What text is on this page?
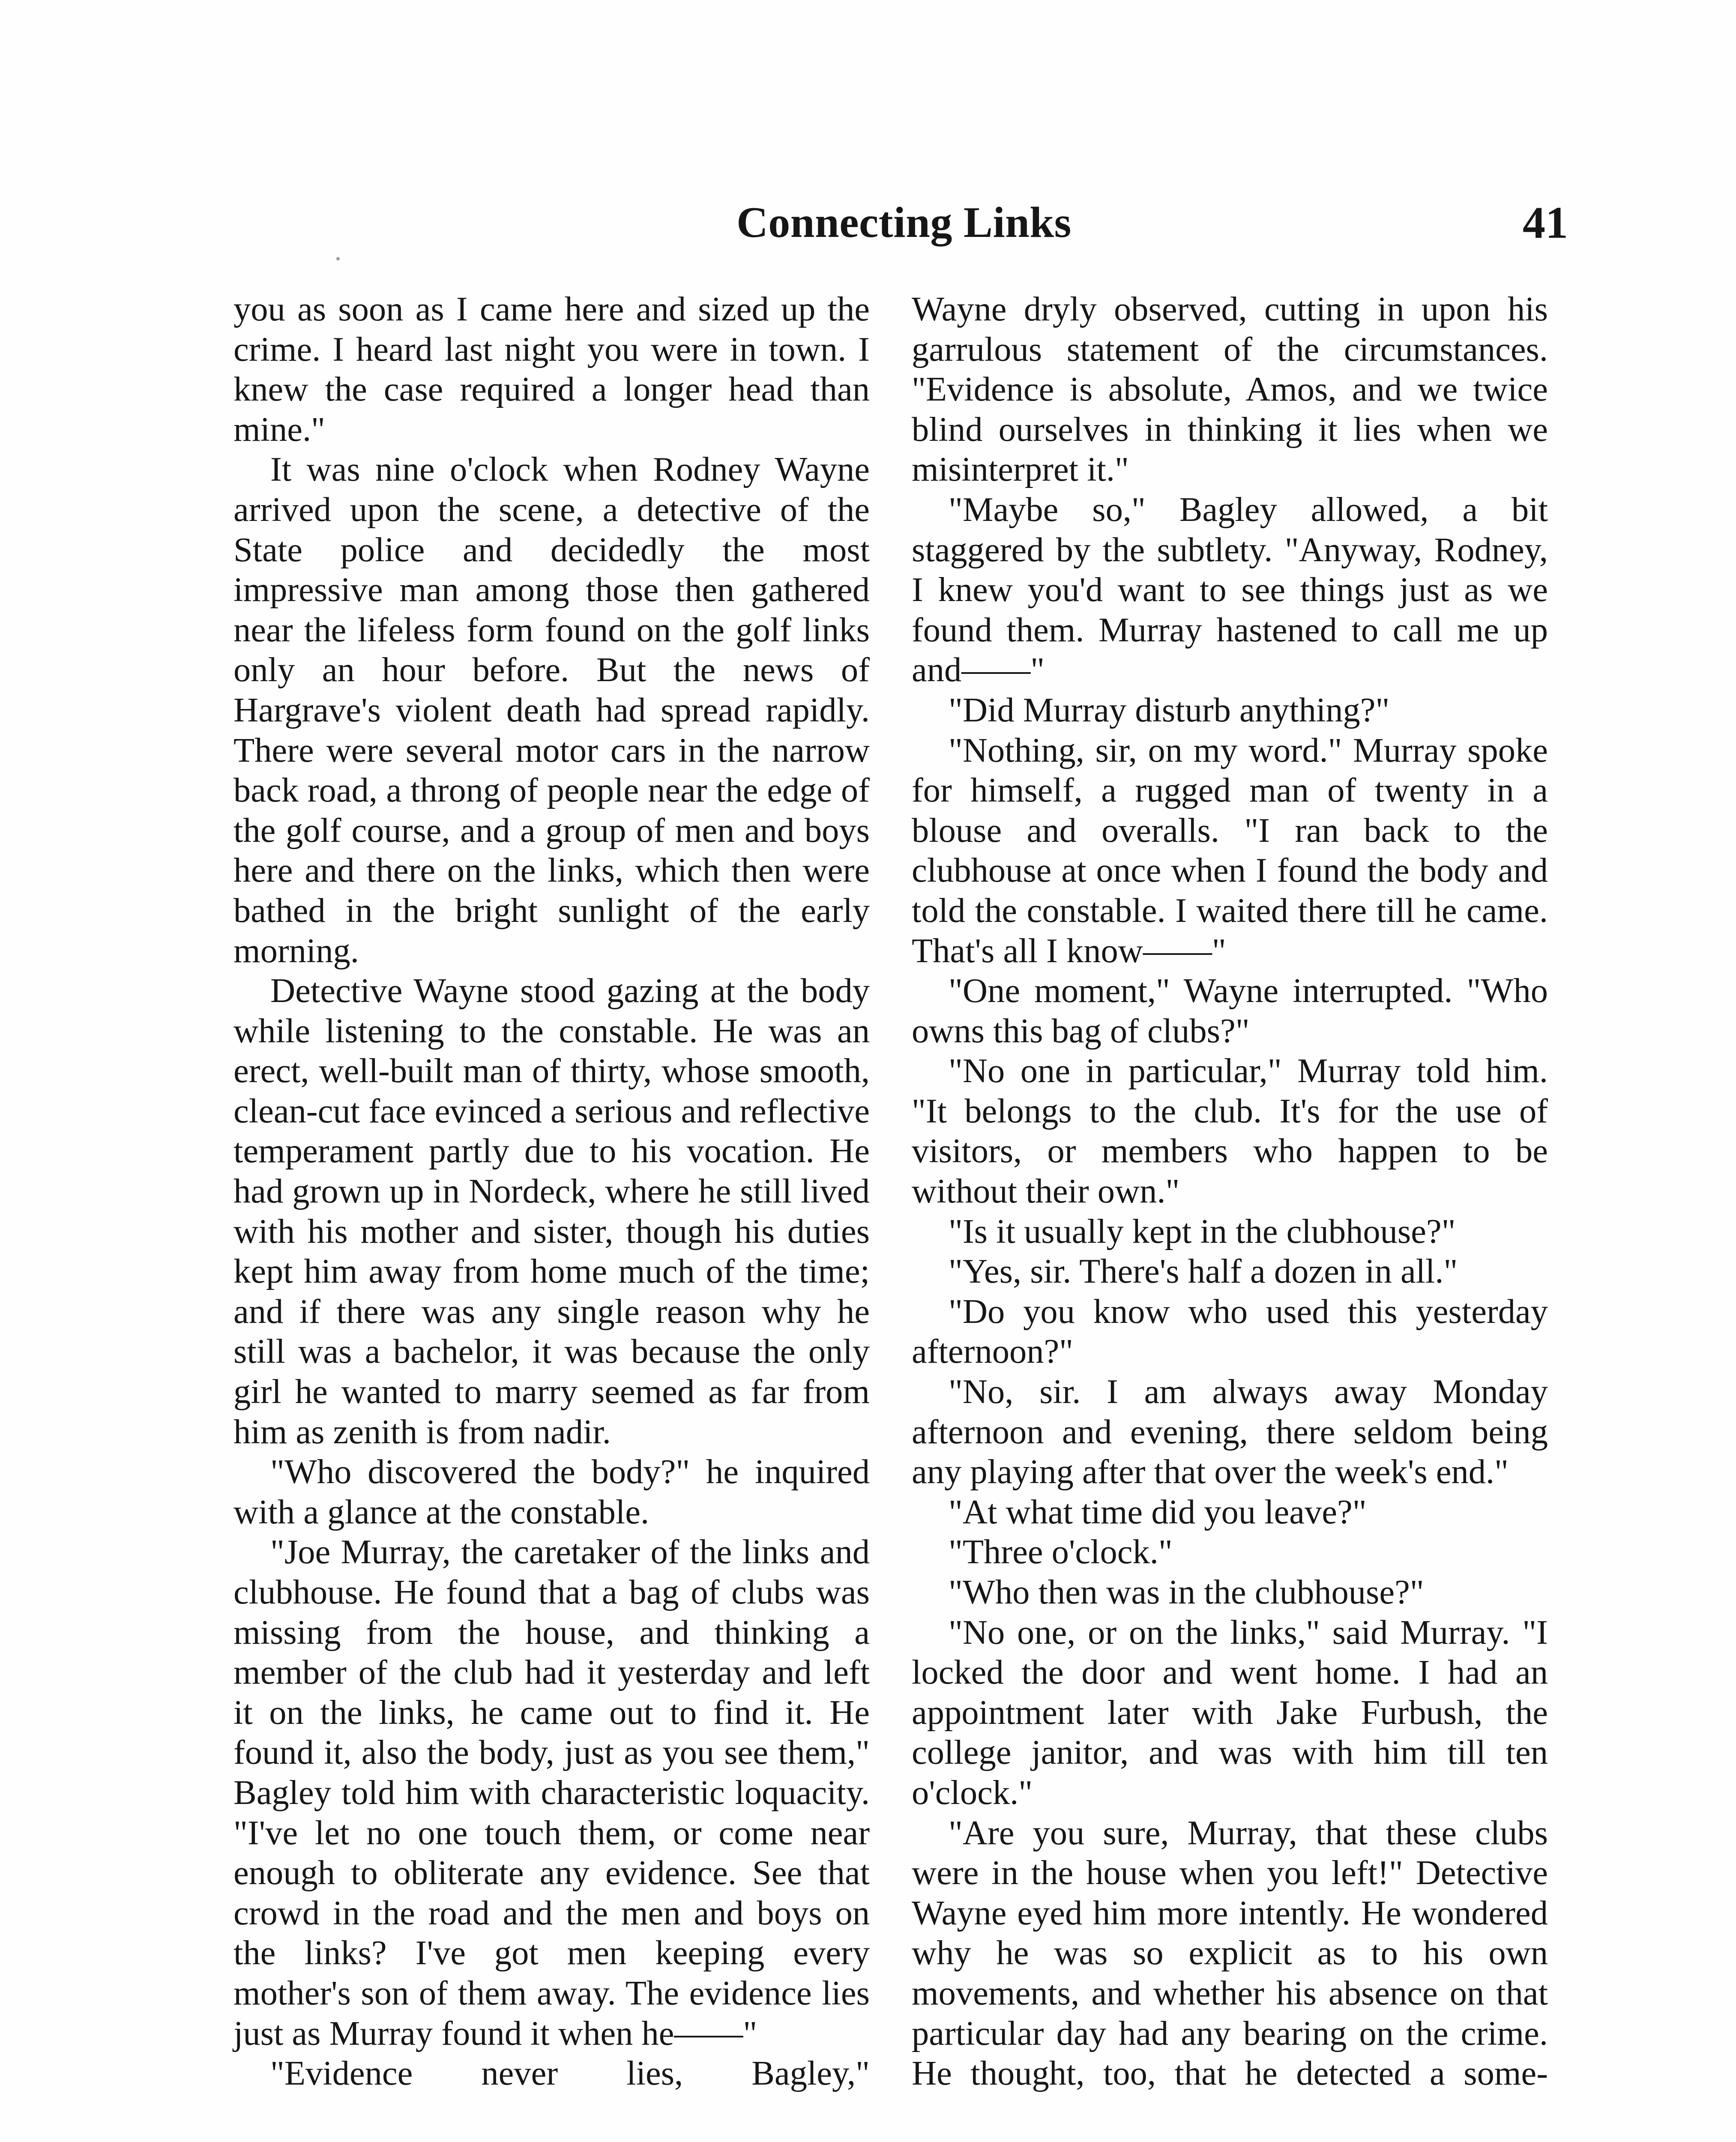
Connecting Links	41

you as soon as I came here and sized up the crime. I heard last night you were in town. I knew the case required a longer head than mine."

It was nine o'clock when Rodney Wayne arrived upon the scene, a detective of the State police and decidedly the most impressive man among those then gathered near the lifeless form found on the golf links only an hour before. But the news of Hargrave's violent death had spread rapidly. There were several motor cars in the narrow back road, a throng of people near the edge of the golf course, and a group of men and boys here and there on the links, which then were bathed in the bright sunlight of the early morning.

Detective Wayne stood gazing at the body while listening to the constable. He was an erect, well-built man of thirty, whose smooth, clean-cut face evinced a serious and reflective temperament partly due to his vocation. He had grown up in Nordeck, where he still lived with his mother and sister, though his duties kept him away from home much of the time; and if there was any single reason why he still was a bachelor, it was because the only girl he wanted to marry seemed as far from him as zenith is from nadir.

"Who discovered the body?" he inquired with a glance at the constable.

"Joe Murray, the caretaker of the links and clubhouse. He found that a bag of clubs was missing from the house, and thinking a member of the club had it yesterday and left it on the links, he came out to find it. He found it, also the body, just as you see them," Bagley told him with characteristic loquacity. "I've let no one touch them, or come near enough to obliterate any evidence. See that crowd in the road and the men and boys on the links? I've got men keeping every mother's son of them away. The evidence lies just as Murray found it when he——"

"Evidence never lies, Bagley,"

Wayne dryly observed, cutting in upon his garrulous statement of the circumstances. "Evidence is absolute, Amos, and we twice blind ourselves in thinking it lies when we misinterpret it."

"Maybe so," Bagley allowed, a bit staggered by the subtlety. "Anyway, Rodney, I knew you'd want to see things just as we found them. Murray hastened to call me up and——"

"Did Murray disturb anything?"

"Nothing, sir, on my word." Murray spoke for himself, a rugged man of twenty in a blouse and overalls. "I ran back to the clubhouse at once when I found the body and told the constable. I waited there till he came. That's all I know——"

"One moment," Wayne interrupted. "Who owns this bag of clubs?"

"No one in particular," Murray told him. "It belongs to the club. It's for the use of visitors, or members who happen to be without their own."

"Is it usually kept in the clubhouse?"

"Yes, sir. There's half a dozen in all."

"Do you know who used this yesterday afternoon?"

"No, sir. I am always away Monday afternoon and evening, there seldom being any playing after that over the week's end."

"At what time did you leave?"

"Three o'clock."

"Who then was in the clubhouse?"

"No one, or on the links," said Murray. "I locked the door and went home. I had an appointment later with Jake Furbush, the college janitor, and was with him till ten o'clock."

"Are you sure, Murray, that these clubs were in the house when you left!" Detective Wayne eyed him more intently. He wondered why he was so explicit as to his own movements, and whether his absence on that particular day had any bearing on the crime. He thought, too, that he detected a some-
